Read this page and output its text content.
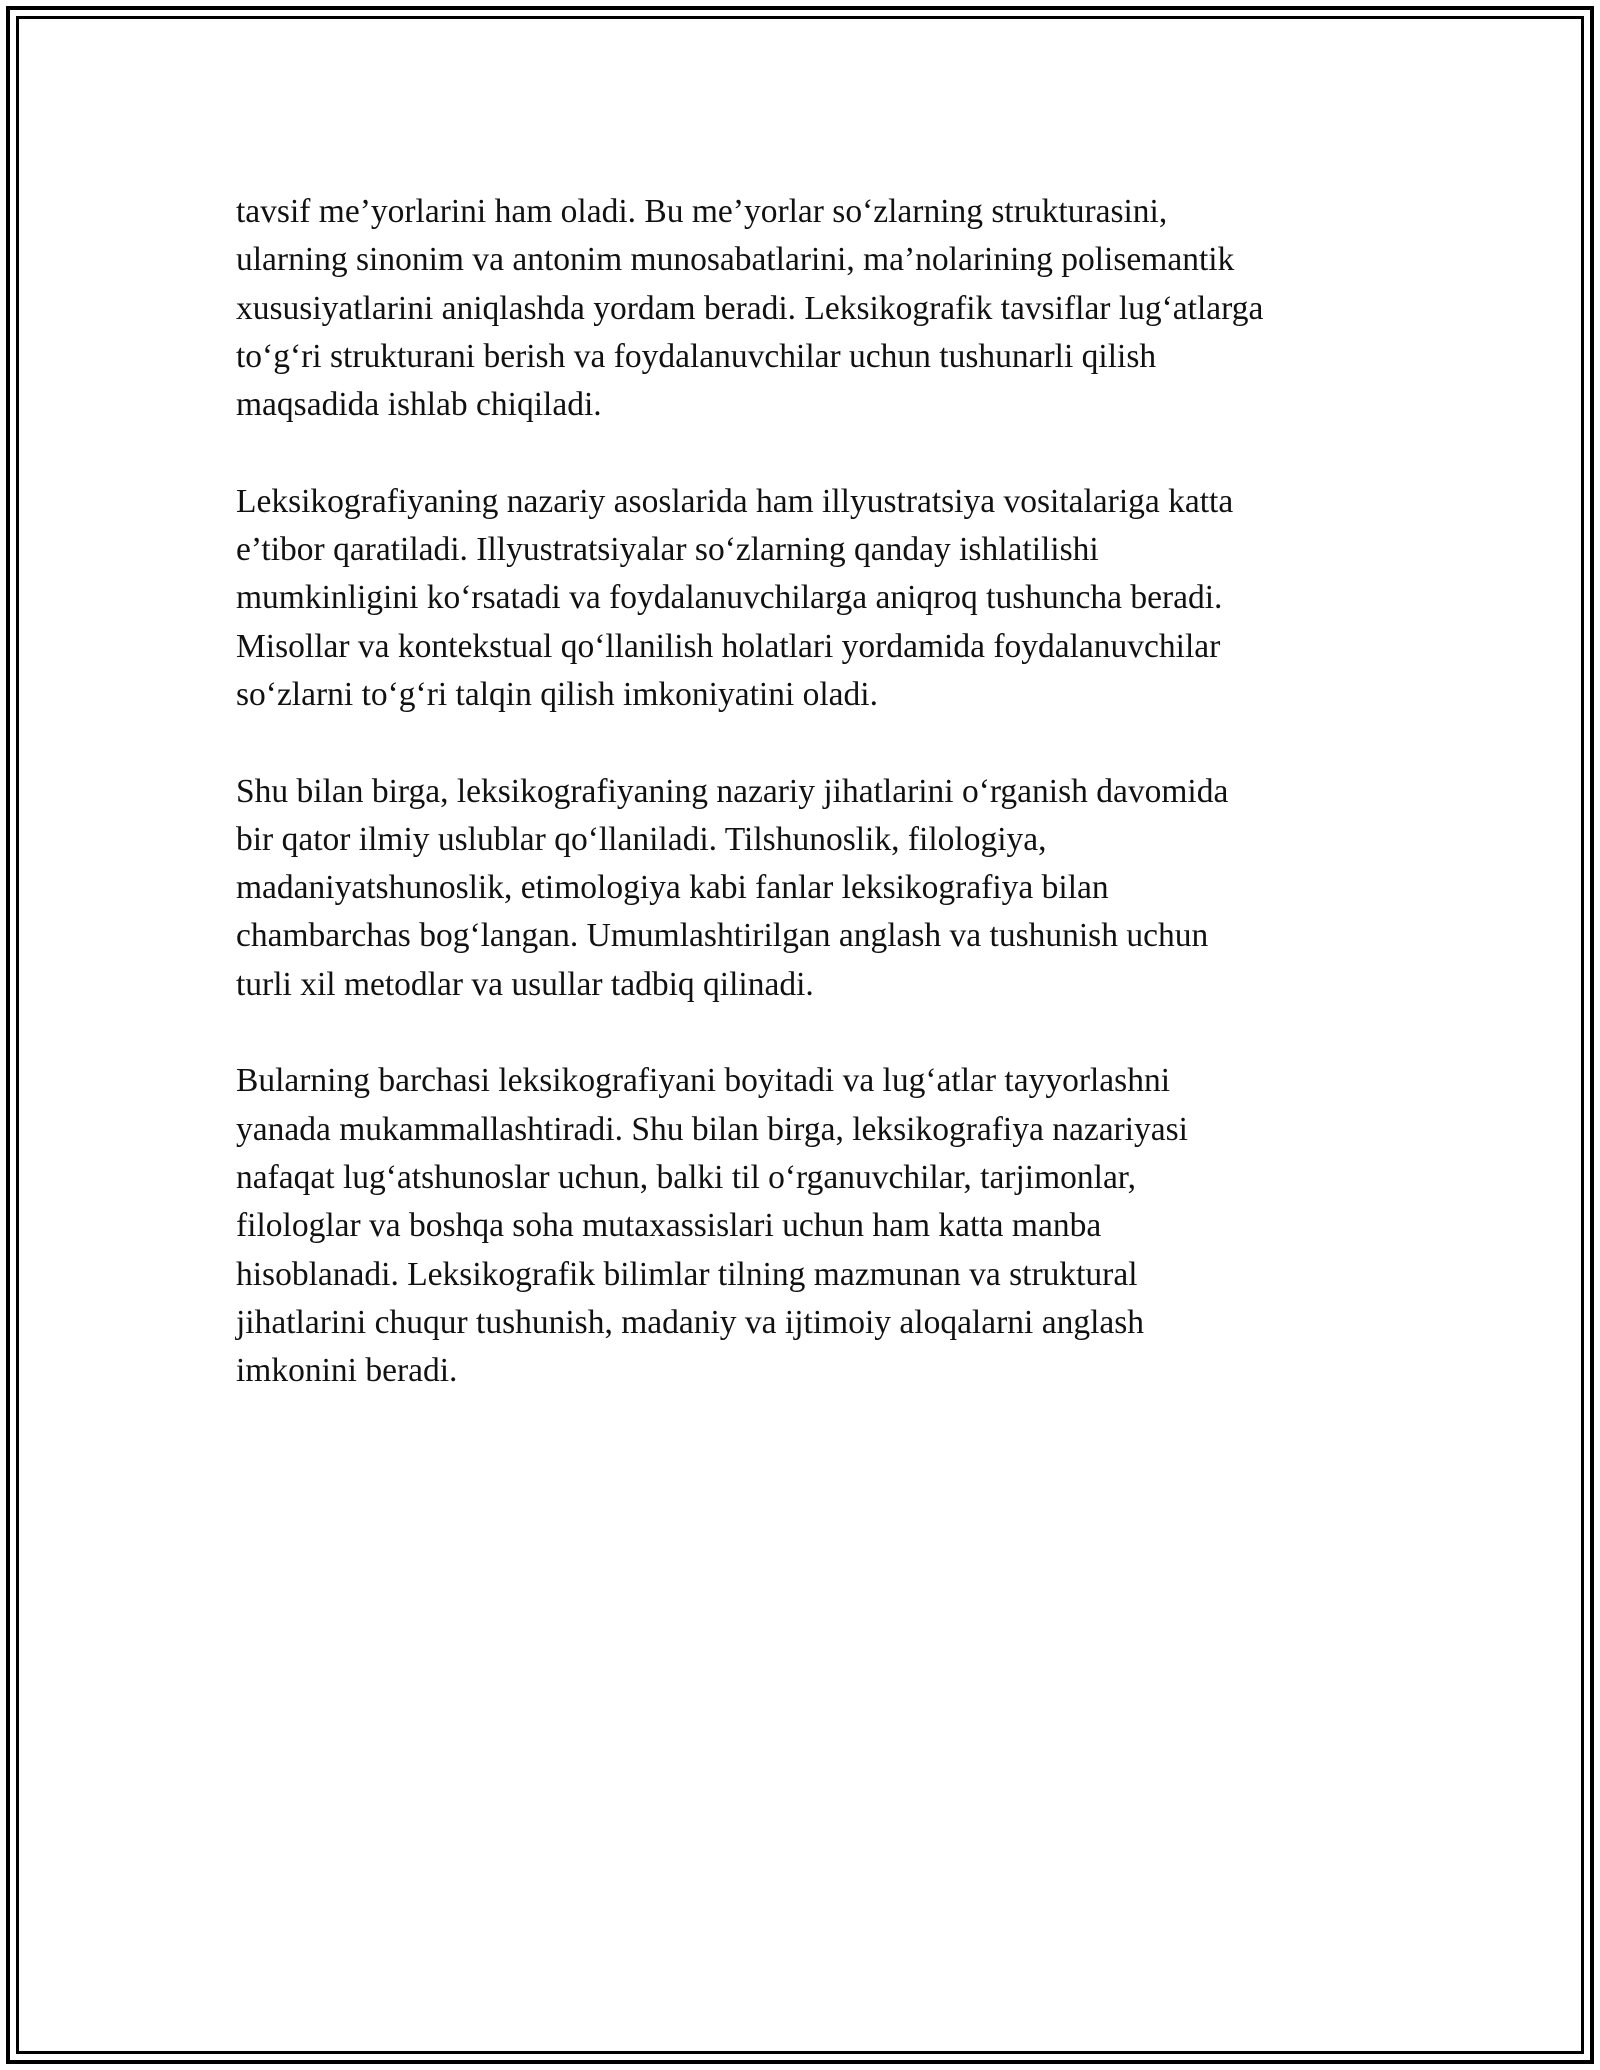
tavsif me’yorlarini ham oladi. Bu me’yorlar so‘zlarning strukturasini,
ularning sinonim va antonim munosabatlarini, ma’nolarining polisemantik
xususiyatlarini aniqlashda yordam beradi. Leksikografik tavsiflar lug‘atlarga
to‘g‘ri strukturani berish va foydalanuvchilar uchun tushunarli qilish
maqsadida ishlab chiqiladi.

Leksikografiyaning nazariy asoslarida ham illyustratsiya vositalariga katta
e’tibor qaratiladi. Illyustratsiyalar so‘zlarning qanday ishlatilishi
mumkinligini ko‘rsatadi va foydalanuvchilarga aniqroq tushuncha beradi.
Misollar va kontekstual qo‘llanilish holatlari yordamida foydalanuvchilar
so‘zlarni to‘g‘ri talqin qilish imkoniyatini oladi.

Shu bilan birga, leksikografiyaning nazariy jihatlarini o‘rganish davomida
bir qator ilmiy uslublar qo‘llaniladi. Tilshunoslik, filologiya,
madaniyatshunoslik, etimologiya kabi fanlar leksikografiya bilan
chambarchas bog‘langan. Umumlashtirilgan anglash va tushunish uchun
turli xil metodlar va usullar tadbiq qilinadi.

Bularning barchasi leksikografiyani boyitadi va lug‘atlar tayyorlashni
yanada mukammallashtiradi. Shu bilan birga, leksikografiya nazariyasi
nafaqat lug‘atshunoslar uchun, balki til o‘rganuvchilar, tarjimonlar,
filologlar va boshqa soha mutaxassislari uchun ham katta manba
hisoblanadi. Leksikografik bilimlar tilning mazmunan va struktural
jihatlarini chuqur tushunish, madaniy va ijtimoiy aloqalarni anglash
imkonini beradi.
